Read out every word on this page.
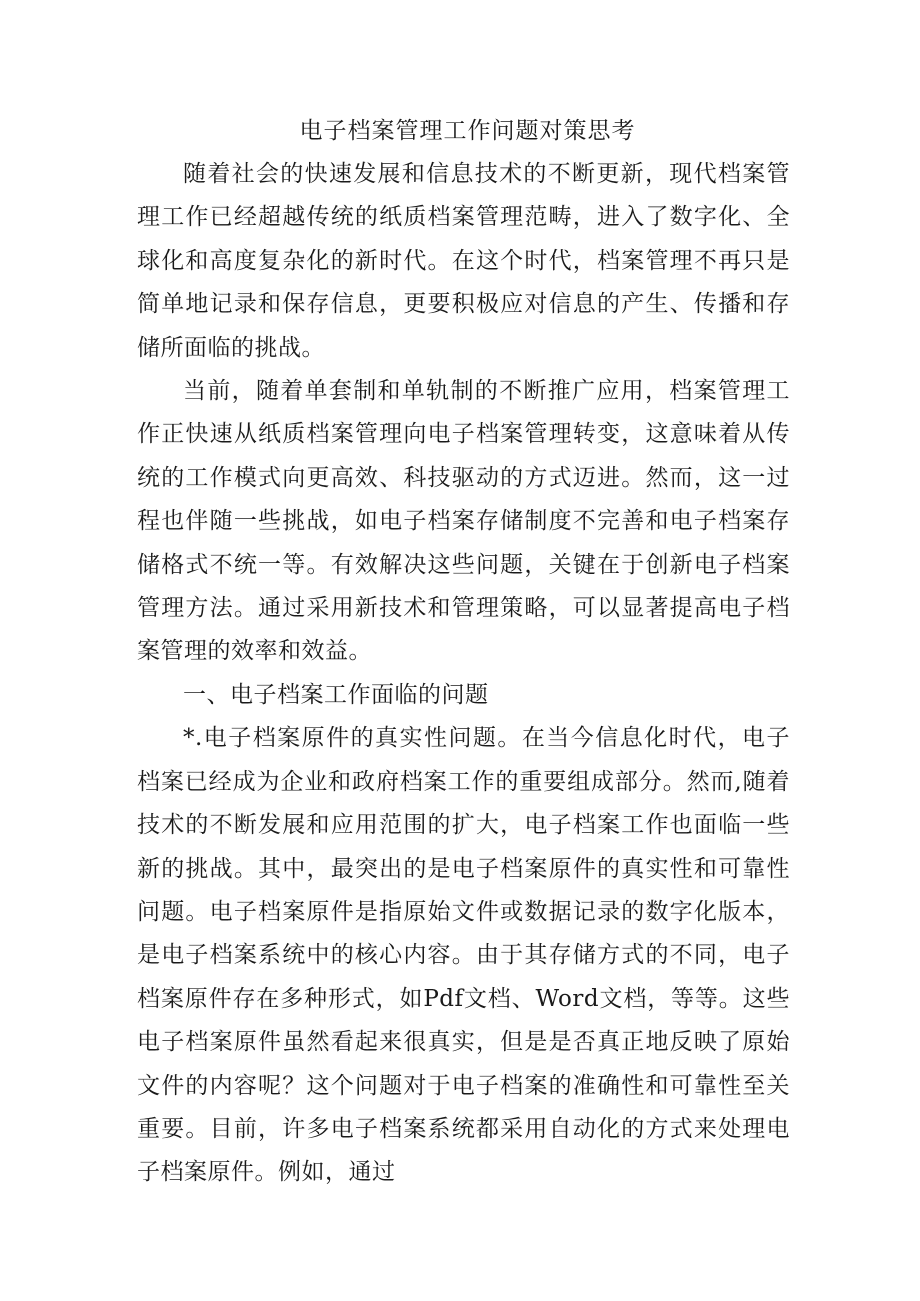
电子档案管理工作问题对策思考

随着社会的快速发展和信息技术的不断更新，现代档案管理工作已经超越传统的纸质档案管理范畴，进入了数字化、全球化和高度复杂化的新时代。在这个时代，档案管理不再只是简单地记录和保存信息，更要积极应对信息的产生、传播和存储所面临的挑战。

当前，随着单套制和单轨制的不断推广应用，档案管理工作正快速从纸质档案管理向电子档案管理转变，这意味着从传统的工作模式向更高效、科技驱动的方式迈进。然而，这一过程也伴随一些挑战，如电子档案存储制度不完善和电子档案存储格式不统一等。有效解决这些问题，关键在于创新电子档案管理方法。通过采用新技术和管理策略，可以显著提高电子档案管理的效率和效益。

一、电子档案工作面临的问题

*.电子档案原件的真实性问题。在当今信息化时代，电子档案已经成为企业和政府档案工作的重要组成部分。然而,随着技术的不断发展和应用范围的扩大，电子档案工作也面临一些新的挑战。其中，最突出的是电子档案原件的真实性和可靠性问题。电子档案原件是指原始文件或数据记录的数字化版本，是电子档案系统中的核心内容。由于其存储方式的不同，电子档案原件存在多种形式，如Pdf文档、Word文档，等等。这些电子档案原件虽然看起来很真实，但是是否真正地反映了原始文件的内容呢？这个问题对于电子档案的准确性和可靠性至关重要。目前，许多电子档案系统都采用自动化的方式来处理电子档案原件。例如，通过
